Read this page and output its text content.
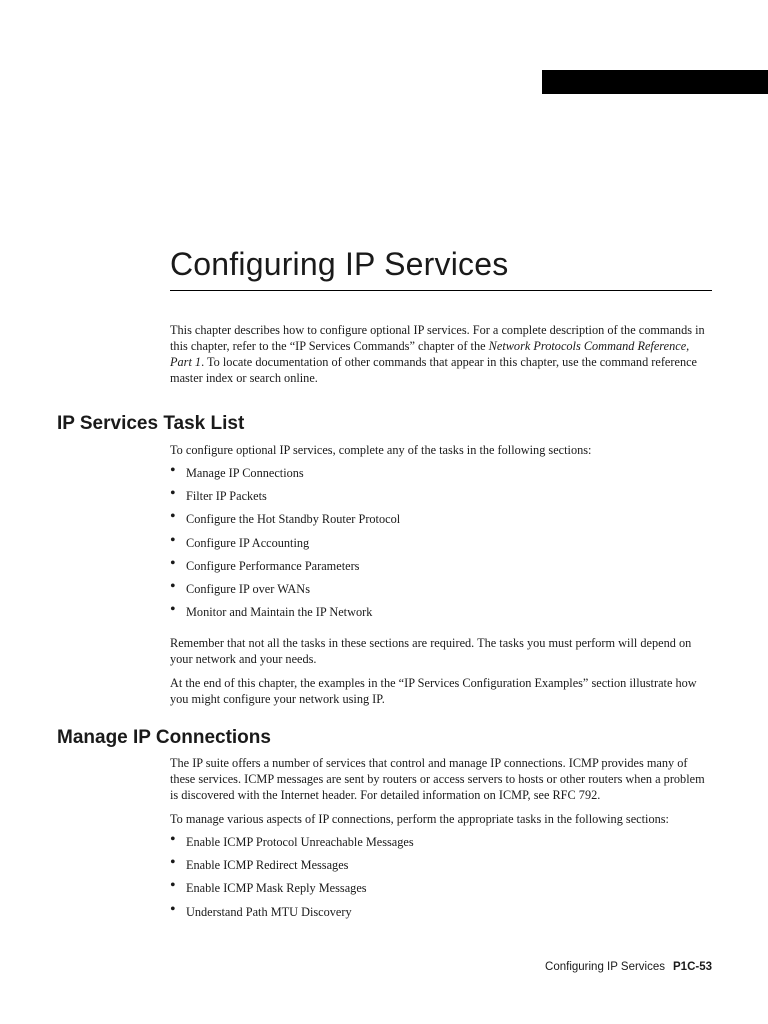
Configuring IP Services

This chapter describes how to configure optional IP services. For a complete description of the commands in this chapter, refer to the “IP Services Commands” chapter of the Network Protocols Command Reference, Part 1. To locate documentation of other commands that appear in this chapter, use the command reference master index or search online.

IP Services Task List

To configure optional IP services, complete any of the tasks in the following sections:

• Manage IP Connections
• Filter IP Packets
• Configure the Hot Standby Router Protocol
• Configure IP Accounting
• Configure Performance Parameters
• Configure IP over WANs
• Monitor and Maintain the IP Network

Remember that not all the tasks in these sections are required. The tasks you must perform will depend on your network and your needs.

At the end of this chapter, the examples in the “IP Services Configuration Examples” section illustrate how you might configure your network using IP.

Manage IP Connections

The IP suite offers a number of services that control and manage IP connections. ICMP provides many of these services. ICMP messages are sent by routers or access servers to hosts or other routers when a problem is discovered with the Internet header. For detailed information on ICMP, see RFC 792.

To manage various aspects of IP connections, perform the appropriate tasks in the following sections:

• Enable ICMP Protocol Unreachable Messages
• Enable ICMP Redirect Messages
• Enable ICMP Mask Reply Messages
• Understand Path MTU Discovery
Configuring IP Services P1C-53
